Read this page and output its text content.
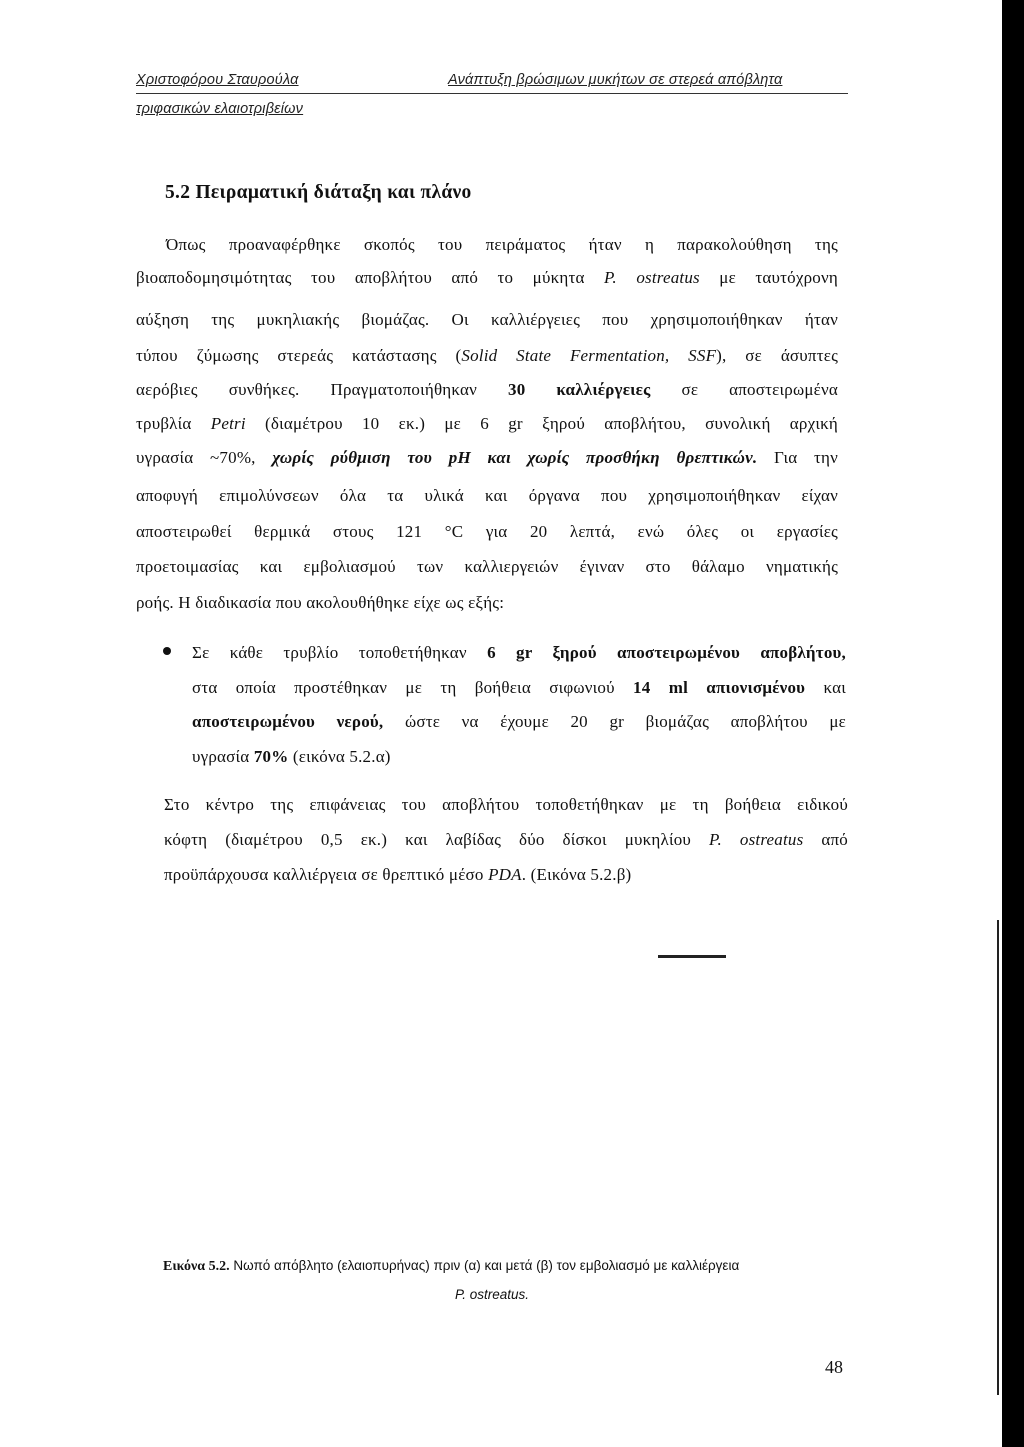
Χριστοφόρου Σταυρούλα	Ανάπτυξη βρώσιμων μυκήτων σε στερεά απόβλητα
τριφασικών ελαιοτριβείων
5.2 Πειραματική διάταξη και πλάνο
Όπως προαναφέρθηκε σκοπός του πειράματος ήταν η παρακολούθηση της
βιοαποδομησιμότητας του αποβλήτου από το μύκητα P. ostreatus με ταυτόχρονη
αύξηση της μυκηλιακής βιομάζας. Οι καλλιέργειες που χρησιμοποιήθηκαν ήταν
τύπου ζύμωσης στερεάς κατάστασης (Solid State Fermentation, SSF), σε άσυπτες
αερόβιες συνθήκες. Πραγματοποιήθηκαν 30 καλλιέργειες σε αποστειρωμένα
τρυβλία Petri (διαμέτρου 10 εκ.) με 6 gr ξηρού αποβλήτου, συνολική αρχική
υγρασία ~70%, χωρίς ρύθμιση του pH και χωρίς προσθήκη θρεπτικών. Για την
αποφυγή επιμολύνσεων όλα τα υλικά και όργανα που χρησιμοποιήθηκαν είχαν
αποστειρωθεί θερμικά στους 121 °C για 20 λεπτά, ενώ όλες οι εργασίες
προετοιμασίας και εμβολιασμού των καλλιεργειών έγιναν στο θάλαμο νηματικής
ροής. Η διαδικασία που ακολουθήθηκε είχε ως εξής:
Σε κάθε τρυβλίο τοποθετήθηκαν 6 gr ξηρού αποστειρωμένου αποβλήτου,
στα οποία προστέθηκαν με τη βοήθεια σιφωνιού 14 ml απιονισμένου και
αποστειρωμένου νερού, ώστε να έχουμε 20 gr βιομάζας αποβλήτου με
υγρασία 70% (εικόνα 5.2.α)
Στο κέντρο της επιφάνειας του αποβλήτου τοποθετήθηκαν με τη βοήθεια ειδικού
κόφτη (διαμέτρου 0,5 εκ.) και λαβίδας δύο δίσκοι μυκηλίου P. ostreatus από
προϋπάρχουσα καλλιέργεια σε θρεπτικό μέσο PDA. (Εικόνα 5.2.β)
Εικόνα 5.2. Νωπό απόβλητο (ελαιοπυρήνας) πριν (α) και μετά (β) τον εμβολιασμό με καλλιέργεια
P. ostreatus.
48
